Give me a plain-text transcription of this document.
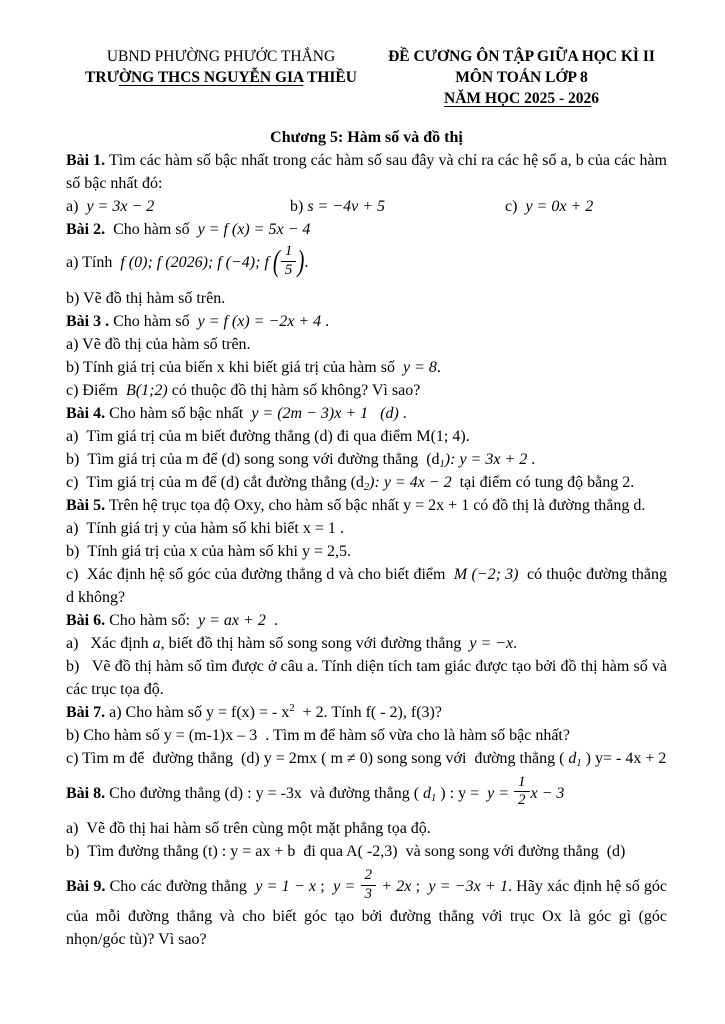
UBND PHƯỜNG PHƯỚC THẮNG
TRƯỜNG THCS NGUYỄN GIA THIỀU
ĐỀ CƯƠNG ÔN TẬP GIỮA HỌC KÌ II
MÔN TOÁN LỚP 8
NĂM HỌC 2025 - 2026
Chương 5: Hàm số và đồ thị

Bài 1. Tìm các hàm số bậc nhất trong các hàm số sau đây và chỉ ra các hệ số a, b của các hàm số bậc nhất đó:

a)  y = 3x − 2	b) s = −4v + 5	c)  y = 0x + 2

Bài 2.  Cho hàm số  y = f (x) = 5x − 4

a) Tính  f (0); f (2026); f (−4); f ( $\frac{1}{5}$ ).

b) Vẽ đồ thị hàm số trên.

Bài 3 . Cho hàm số  y = f (x) = −2x + 4 .

a) Vẽ đồ thị của hàm số trên.

b) Tính giá trị của biến x khi biết giá trị của hàm số  y = 8.

c) Điểm  B(1;2) có thuộc đồ thị hàm số không? Vì sao?

Bài 4. Cho hàm số bậc nhất  y = (2m − 3)x + 1   (d) .

a)  Tìm giá trị của m biết đường thẳng (d) đi qua điểm M(1; 4).

b)  Tìm giá trị của m để (d) song song với đường thẳng  (d1): y = 3x + 2 .

c)  Tìm giá trị của m để (d) cắt đường thẳng (d2): y = 4x − 2  tại điểm có tung độ bằng 2.

Bài 5. Trên hệ trục tọa độ Oxy, cho hàm số bậc nhất y = 2x + 1 có đồ thị là đường thẳng d.

a)  Tính giá trị y của hàm số khi biết x = 1 .

b)  Tính giá trị của x của hàm số khi y = 2,5.

c)  Xác định hệ số góc của đường thẳng d và cho biết điểm  M (−2; 3)  có thuộc đường thẳng d không?

Bài 6. Cho hàm số:  y = ax + 2  .

a)   Xác định a, biết đồ thị hàm số song song với đường thẳng  y = −x.

b)   Vẽ đồ thị hàm số tìm được ở câu a. Tính diện tích tam giác được tạo bởi đồ thị hàm số và các trục tọa độ.

Bài 7. a) Cho hàm số y = f(x) = - $x^2 + 2$. Tính f( - 2), f(3)?

b) Cho hàm số y = (m-1)x – 3  . Tìm m để hàm số vừa cho là hàm số bậc nhất?

c) Tìm m để  đường thẳng  (d) y = 2mx ( m ≠ 0) song song với  đường thẳng ( d1 ) y= - 4x + 2

Bài 8. Cho đường thẳng (d) : y = -3x  và đường thẳng ( d1 ) : $y = y = \frac{1}{2}$ x − 3

a)  Vẽ đồ thị hai hàm số trên cùng một mặt phẳng tọa độ.

b)  Tìm đường thẳng (t) : y = ax + b  đi qua A( -2,3)  và song song với đường thẳng  (d)

Bài 9. Cho các đường thẳng  y = 1 − x ;  $y = \frac{2}{3} + 2x$ ;  y = −3x + 1. Hãy xác định hệ số góc của mỗi đường thẳng và cho biết góc tạo bởi đường thẳng với trục Ox là góc gì (góc nhọn/góc tù)? Vì sao?
